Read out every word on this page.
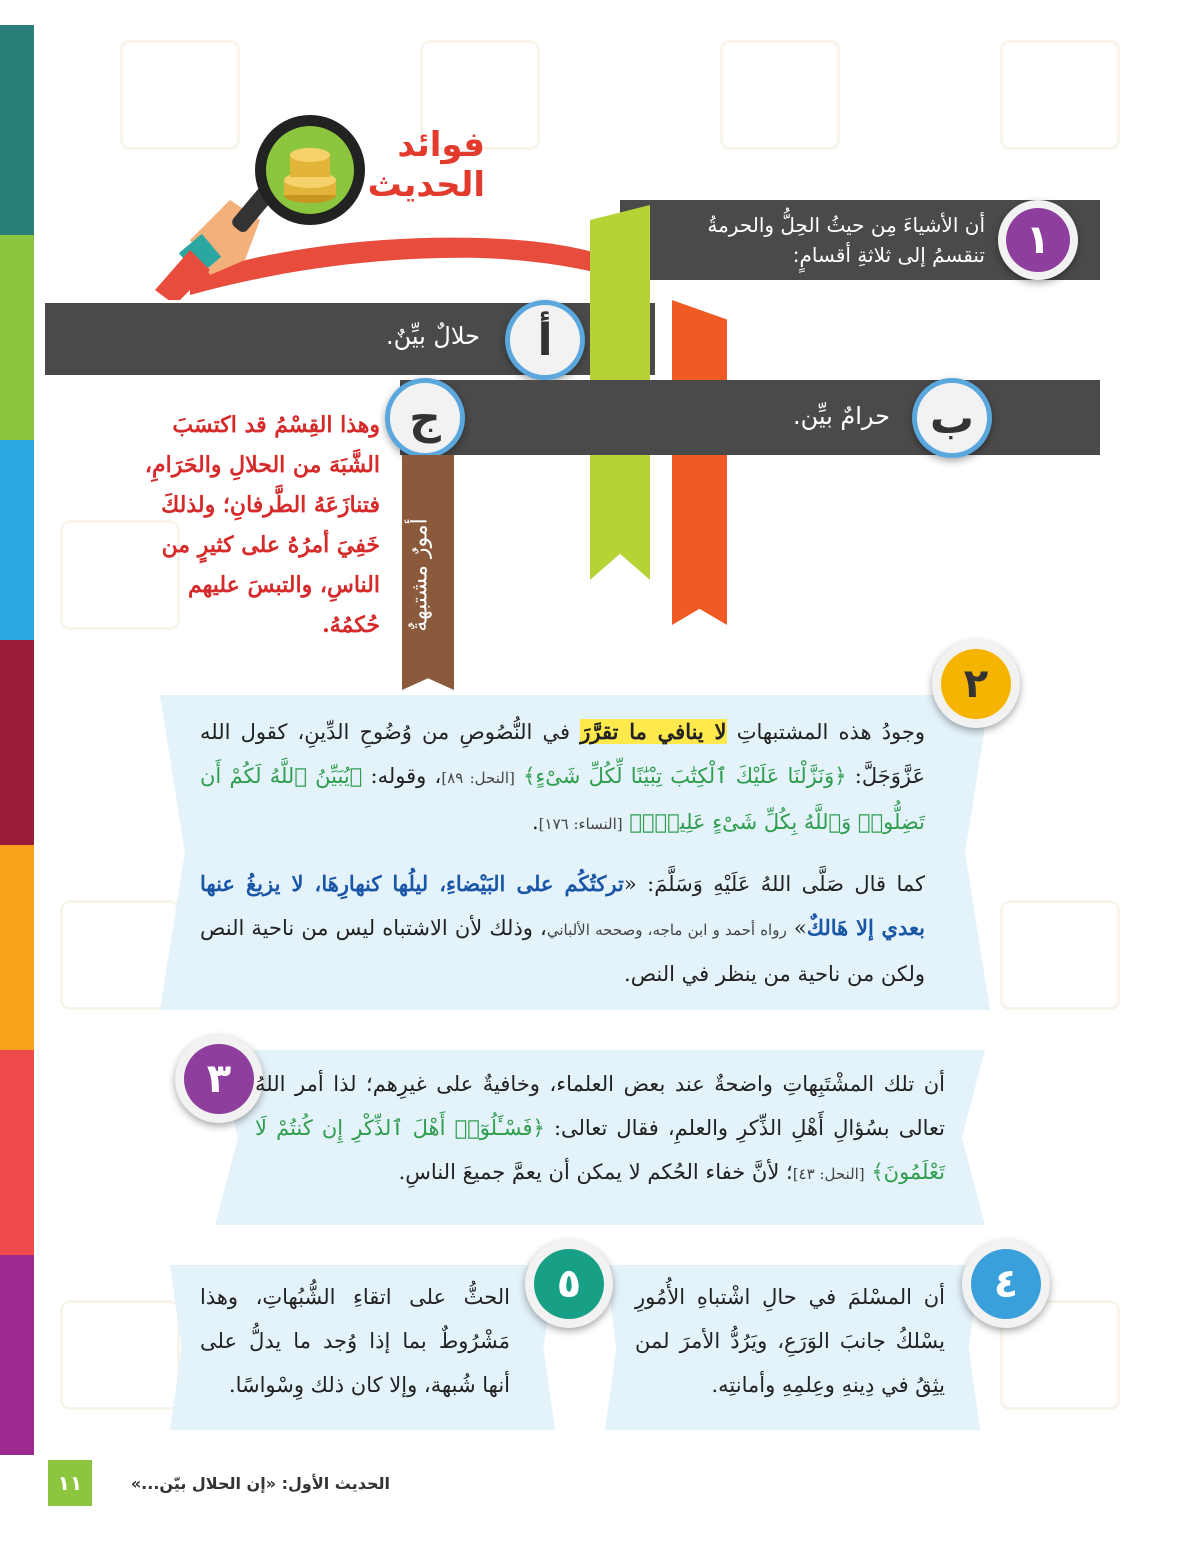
فوائد
الحديث
أن الأشياءَ مِن حيثُ الحِلُّ والحرمةُ
تنقسمُ إلى ثلاثةِ أقسامٍ:	١
حلالٌ بيِّنٌ.	أ
حرامٌ بيِّن. ب
ج
أمورٌ مشتبهةٌ
وهذا القِسْمُ قد اكتسَبَ
الشَّبَهَ من الحلالِ والحَرَامِ،
فتنازَعَهُ الطَّرفانِ؛ ولذلكَ
خَفِيَ أمرُهُ على كثيرٍ من
الناسِ، والتبسَ عليهم
حُكمُهُ.
٢
وجودُ هذه المشتبهاتِ لا ينافي ما تقرَّرَ في النُّصُوصِ من وُضُوحِ الدِّينِ، كقول الله عَزَّوَجَلَّ: ﴿وَنَزَّلْنَا عَلَيْكَ ٱلْكِتَٰبَ تِبْيَٰنًا لِّكُلِّ شَىْءٍ﴾ [النحل: ٨٩]، وقوله: ﴿يُبَيِّنُ ٱللَّهُ لَكُمْ أَن تَضِلُّوا۟ وَٱللَّهُ بِكُلِّ شَىْءٍ عَلِيمٌۢ﴾ [النساء: ١٧٦].
كما قال صَلَّى اللهُ عَلَيْهِ وَسَلَّمَ: «تركتُكُم على البَيْضاءِ، ليلُها كنهارِهَا، لا يزيغُ عنها بعدي إلا هَالكٌ» رواه أحمد و ابن ماجه، وصححه الألباني، وذلك لأن الاشتباه ليس من ناحية النص ولكن من ناحية من ينظر في النص.
٣	أن تلك المشْتَبِهاتِ واضحةٌ عند بعض العلماء، وخافيةٌ على غيرِهم؛ لذا أمر اللهُ تعالى بسُؤالِ أَهْلِ الذِّكرِ والعلمِ، فقال تعالى: ﴿فَسْـَٔلُوٓا۟ أَهْلَ ٱلذِّكْرِ إِن كُنتُمْ لَا تَعْلَمُونَ﴾ [النحل: ٤٣]؛ لأنَّ خفاء الحُكم لا يمكن أن يعمَّ جميعَ الناسِ.
٤
أن المسْلمَ في حالِ اشْتباهِ الأُمُورِ يسْلكُ جانبَ الوَرَعِ، ويَرُدُّ الأمرَ لمن يثِقُ في دِينهِ وعِلمِهِ وأمانتِه.
٥
الحثُّ على اتقاءِ الشُّبُهاتِ، وهذا مَشْرُوطٌ بما إذا وُجد ما يدلُّ على أنها شُبهة، وإلا كان ذلك وِسْواسًا.
١١	الحديث الأول: «إن الحلال بيّن...»
